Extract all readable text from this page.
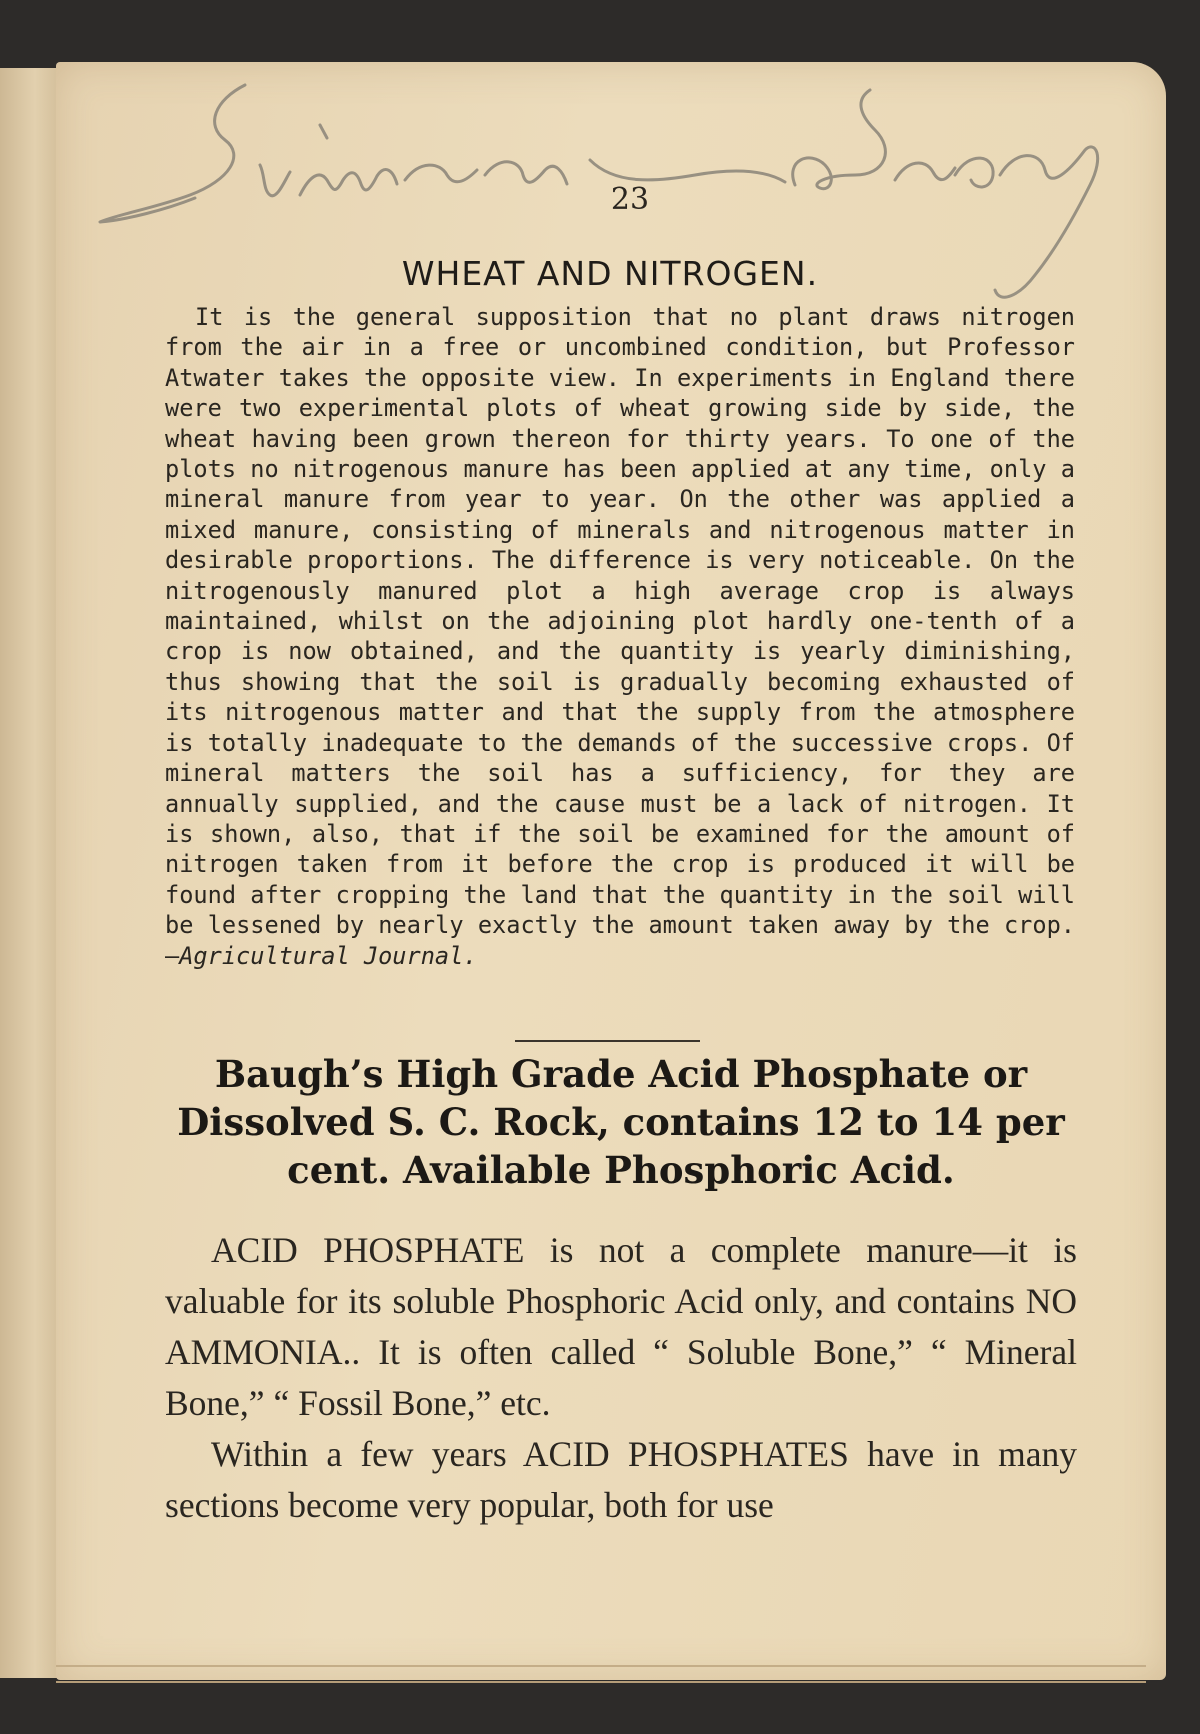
23
WHEAT AND NITROGEN.
It is the general supposition that no plant draws nitrogen from the air in a free or uncombined condition, but Professor Atwater takes the opposite view. In experiments in England there were two experimental plots of wheat growing side by side, the wheat having been grown thereon for thirty years. To one of the plots no nitrogenous manure has been applied at any time, only a mineral manure from year to year. On the other was applied a mixed manure, consisting of minerals and nitrogenous matter in desirable proportions. The difference is very noticeable. On the nitrogenously manured plot a high average crop is always maintained, whilst on the adjoining plot hardly one-tenth of a crop is now obtained, and the quantity is yearly diminishing, thus showing that the soil is gradually becoming exhausted of its nitrogenous matter and that the supply from the atmosphere is totally inadequate to the demands of the successive crops. Of mineral matters the soil has a sufficiency, for they are annually supplied, and the cause must be a lack of nitrogen. It is shown, also, that if the soil be examined for the amount of nitrogen taken from it before the crop is produced it will be found after cropping the land that the quantity in the soil will be lessened by nearly exactly the amount taken away by the crop.—Agricultural Journal.
Baugh’s High Grade Acid Phosphate or Dissolved S. C. Rock, contains 12 to 14 per cent. Available Phosphoric Acid.

ACID PHOSPHATE is not a complete manure—it is valuable for its soluble Phosphoric Acid only, and contains NO AMMONIA.. It is often called “ Soluble Bone,” “ Mineral Bone,” “ Fossil Bone,” etc.

Within a few years ACID PHOSPHATES have in many sections become very popular, both for use
